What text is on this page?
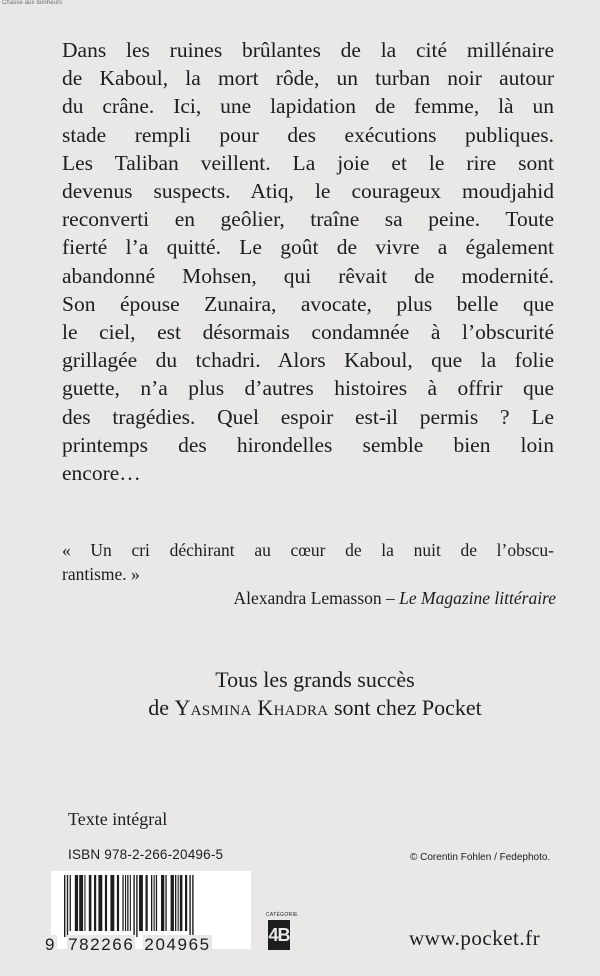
Chasse aux bonheurs
Dans les ruines brûlantes de la cité millénaire
de Kaboul, la mort rôde, un turban noir autour
du crâne. Ici, une lapidation de femme, là un
stade rempli pour des exécutions publiques.
Les Taliban veillent. La joie et le rire sont
devenus suspects. Atiq, le courageux moudjahid
reconverti en geôlier, traîne sa peine. Toute
fierté l’a quitté. Le goût de vivre a également
abandonné Mohsen, qui rêvait de modernité.
Son épouse Zunaira, avocate, plus belle que
le ciel, est désormais condamnée à l’obscurité
grillagée du tchadri. Alors Kaboul, que la folie
guette, n’a plus d’autres histoires à offrir que
des tragédies. Quel espoir est-il permis ? Le
printemps des hirondelles semble bien loin
encore…
« Un cri déchirant au cœur de la nuit de l’obscu-
rantisme. »
Alexandra Lemasson – Le Magazine littéraire
Tous les grands succès
de Yasmina Khadra sont chez Pocket
Texte intégral
ISBN 978-2-266-20496-5	© Corentin Fohlen / Fedephoto.
9 782266 204965
CATÉGORIE
4B	www.pocket.fr
